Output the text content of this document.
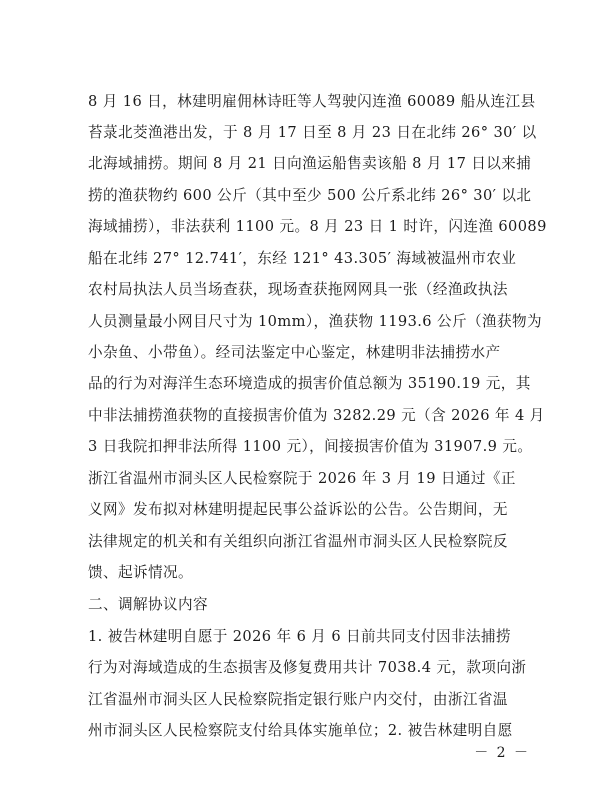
8 月 16 日，林建明雇佣林诗旺等人驾驶闪连渔 60089 船从连江县
苔菉北茭渔港出发，于 8 月 17 日至 8 月 23 日在北纬 26° 30′ 以
北海域捕捞。期间 8 月 21 日向渔运船售卖该船 8 月 17 日以来捕
捞的渔获物约 600 公斤（其中至少 500 公斤系北纬 26° 30′ 以北
海域捕捞），非法获利 1100 元。8 月 23 日 1 时许，闪连渔 60089
船在北纬 27° 12.741′，东经 121° 43.305′ 海域被温州市农业
农村局执法人员当场查获，现场查获拖网网具一张（经渔政执法
人员测量最小网目尺寸为 10mm），渔获物 1193.6 公斤（渔获物为
小杂鱼、小带鱼）。经司法鉴定中心鉴定，林建明非法捕捞水产
品的行为对海洋生态环境造成的损害价值总额为 35190.19 元，其
中非法捕捞渔获物的直接损害价值为 3282.29 元（含 2026 年 4 月
3 日我院扣押非法所得 1100 元），间接损害价值为 31907.9 元。
浙江省温州市洞头区人民检察院于 2026 年 3 月 19 日通过《正
义网》发布拟对林建明提起民事公益诉讼的公告。公告期间，无
法律规定的机关和有关组织向浙江省温州市洞头区人民检察院反
馈、起诉情况。
二、调解协议内容
1. 被告林建明自愿于 2026 年 6 月 6 日前共同支付因非法捕捞
行为对海域造成的生态损害及修复费用共计 7038.4 元，款项向浙
江省温州市洞头区人民检察院指定银行账户内交付，由浙江省温
州市洞头区人民检察院支付给具体实施单位；2. 被告林建明自愿
－ 2 －
